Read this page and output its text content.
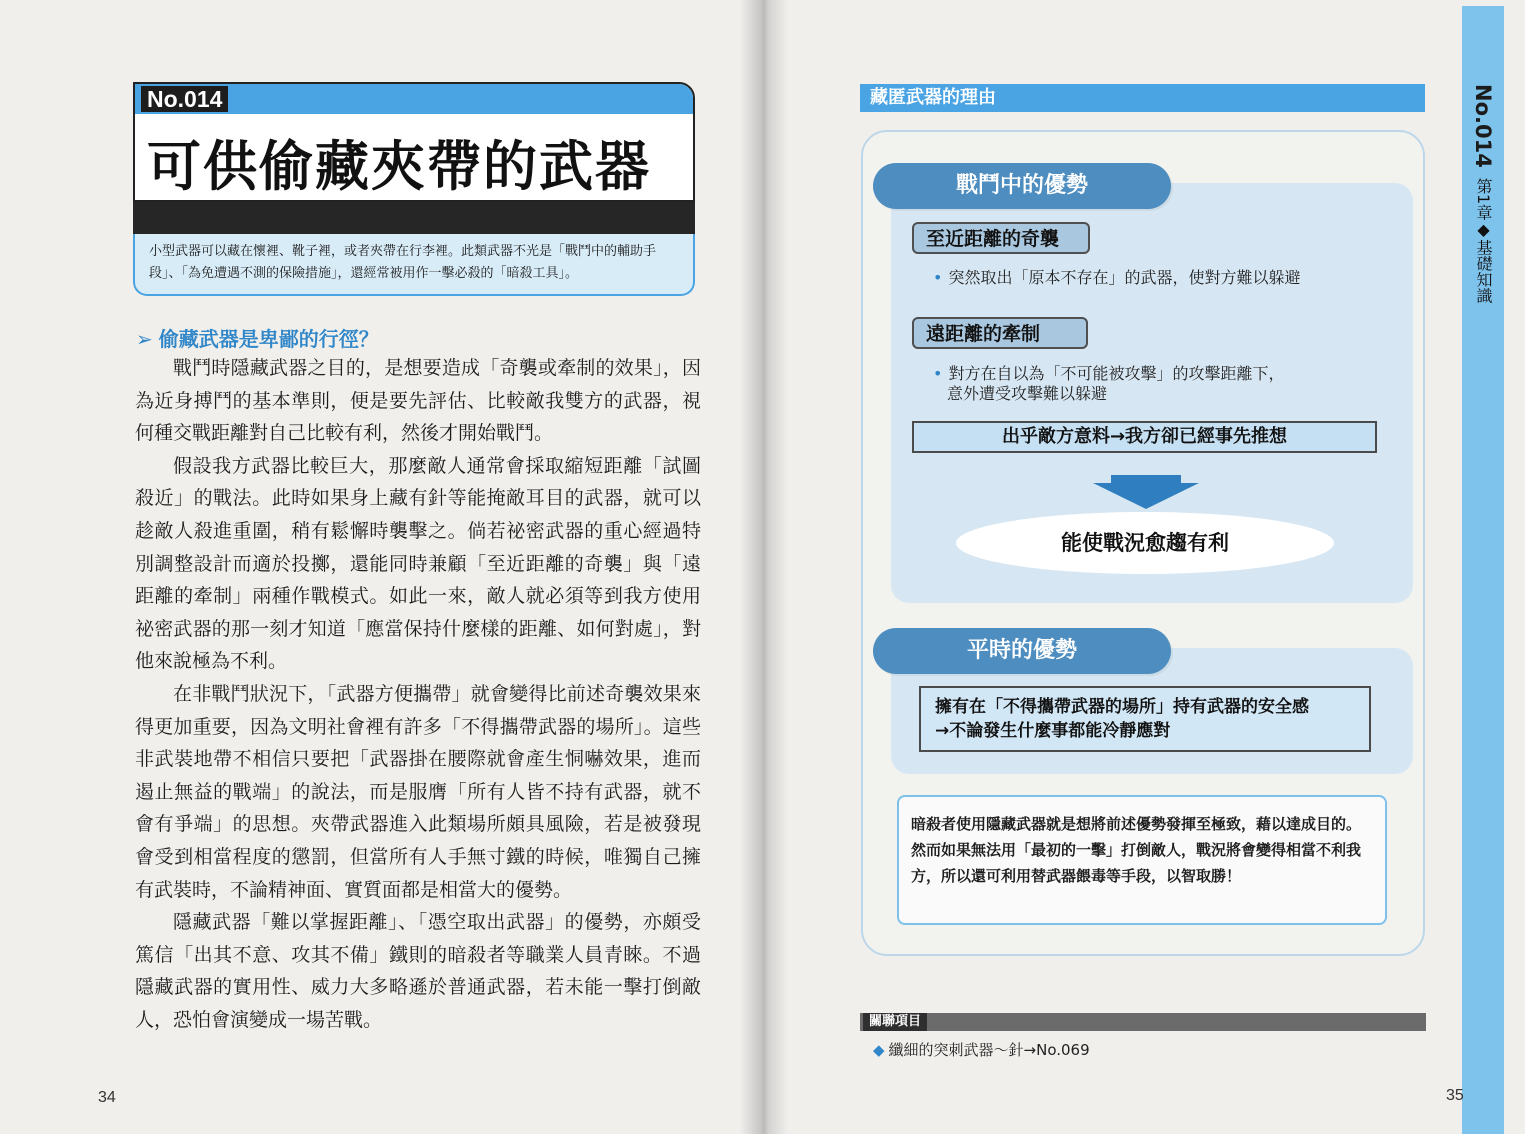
No.014
可供偷藏夾帶的武器
小型武器可以藏在懷裡、靴子裡，或者夾帶在行李裡。此類武器不光是「戰鬥中的輔助手段」、「為免遭遇不測的保險措施」，還經常被用作一擊必殺的「暗殺工具」。
➢ 偷藏武器是卑鄙的行徑？

戰鬥時隱藏武器之目的，是想要造成「奇襲或牽制的效果」，因為近身搏鬥的基本準則，便是要先評估、比較敵我雙方的武器，視何種交戰距離對自己比較有利，然後才開始戰鬥。

假設我方武器比較巨大，那麼敵人通常會採取縮短距離「試圖殺近」的戰法。此時如果身上藏有針等能掩敵耳目的武器，就可以趁敵人殺進重圍，稍有鬆懈時襲擊之。倘若祕密武器的重心經過特別調整設計而適於投擲，還能同時兼顧「至近距離的奇襲」與「遠距離的牽制」兩種作戰模式。如此一來，敵人就必須等到我方使用祕密武器的那一刻才知道「應當保持什麼樣的距離、如何對處」，對他來說極為不利。

在非戰鬥狀況下，「武器方便攜帶」就會變得比前述奇襲效果來得更加重要，因為文明社會裡有許多「不得攜帶武器的場所」。這些非武裝地帶不相信只要把「武器掛在腰際就會產生恫嚇效果，進而遏止無益的戰端」的說法，而是服膺「所有人皆不持有武器，就不會有爭端」的思想。夾帶武器進入此類場所頗具風險，若是被發現會受到相當程度的懲罰，但當所有人手無寸鐵的時候，唯獨自己擁有武裝時，不論精神面、實質面都是相當大的優勢。

隱藏武器「難以掌握距離」、「憑空取出武器」的優勢，亦頗受篤信「出其不意、攻其不備」鐵則的暗殺者等職業人員青睞。不過隱藏武器的實用性、威力大多略遜於普通武器，若未能一擊打倒敵人，恐怕會演變成一場苦戰。

34
No.014
第1章◆基礎知識
藏匿武器的理由
戰鬥中的優勢
至近距離的奇襲
• 突然取出「原本不存在」的武器，使對方難以躲避
遠距離的牽制
• 對方在自以為「不可能被攻擊」的攻擊距離下，
意外遭受攻擊難以躲避
出乎敵方意料→我方卻已經事先推想
能使戰況愈趨有利
平時的優勢
擁有在「不得攜帶武器的場所」持有武器的安全感
→不論發生什麼事都能冷靜應對
暗殺者使用隱藏武器就是想將前述優勢發揮至極致，藉以達成目的。然而如果無法用「最初的一擊」打倒敵人，戰況將會變得相當不利我方，所以還可利用替武器餵毒等手段，以智取勝！
關聯項目
◆ 纖細的突刺武器～針→No.069
35
